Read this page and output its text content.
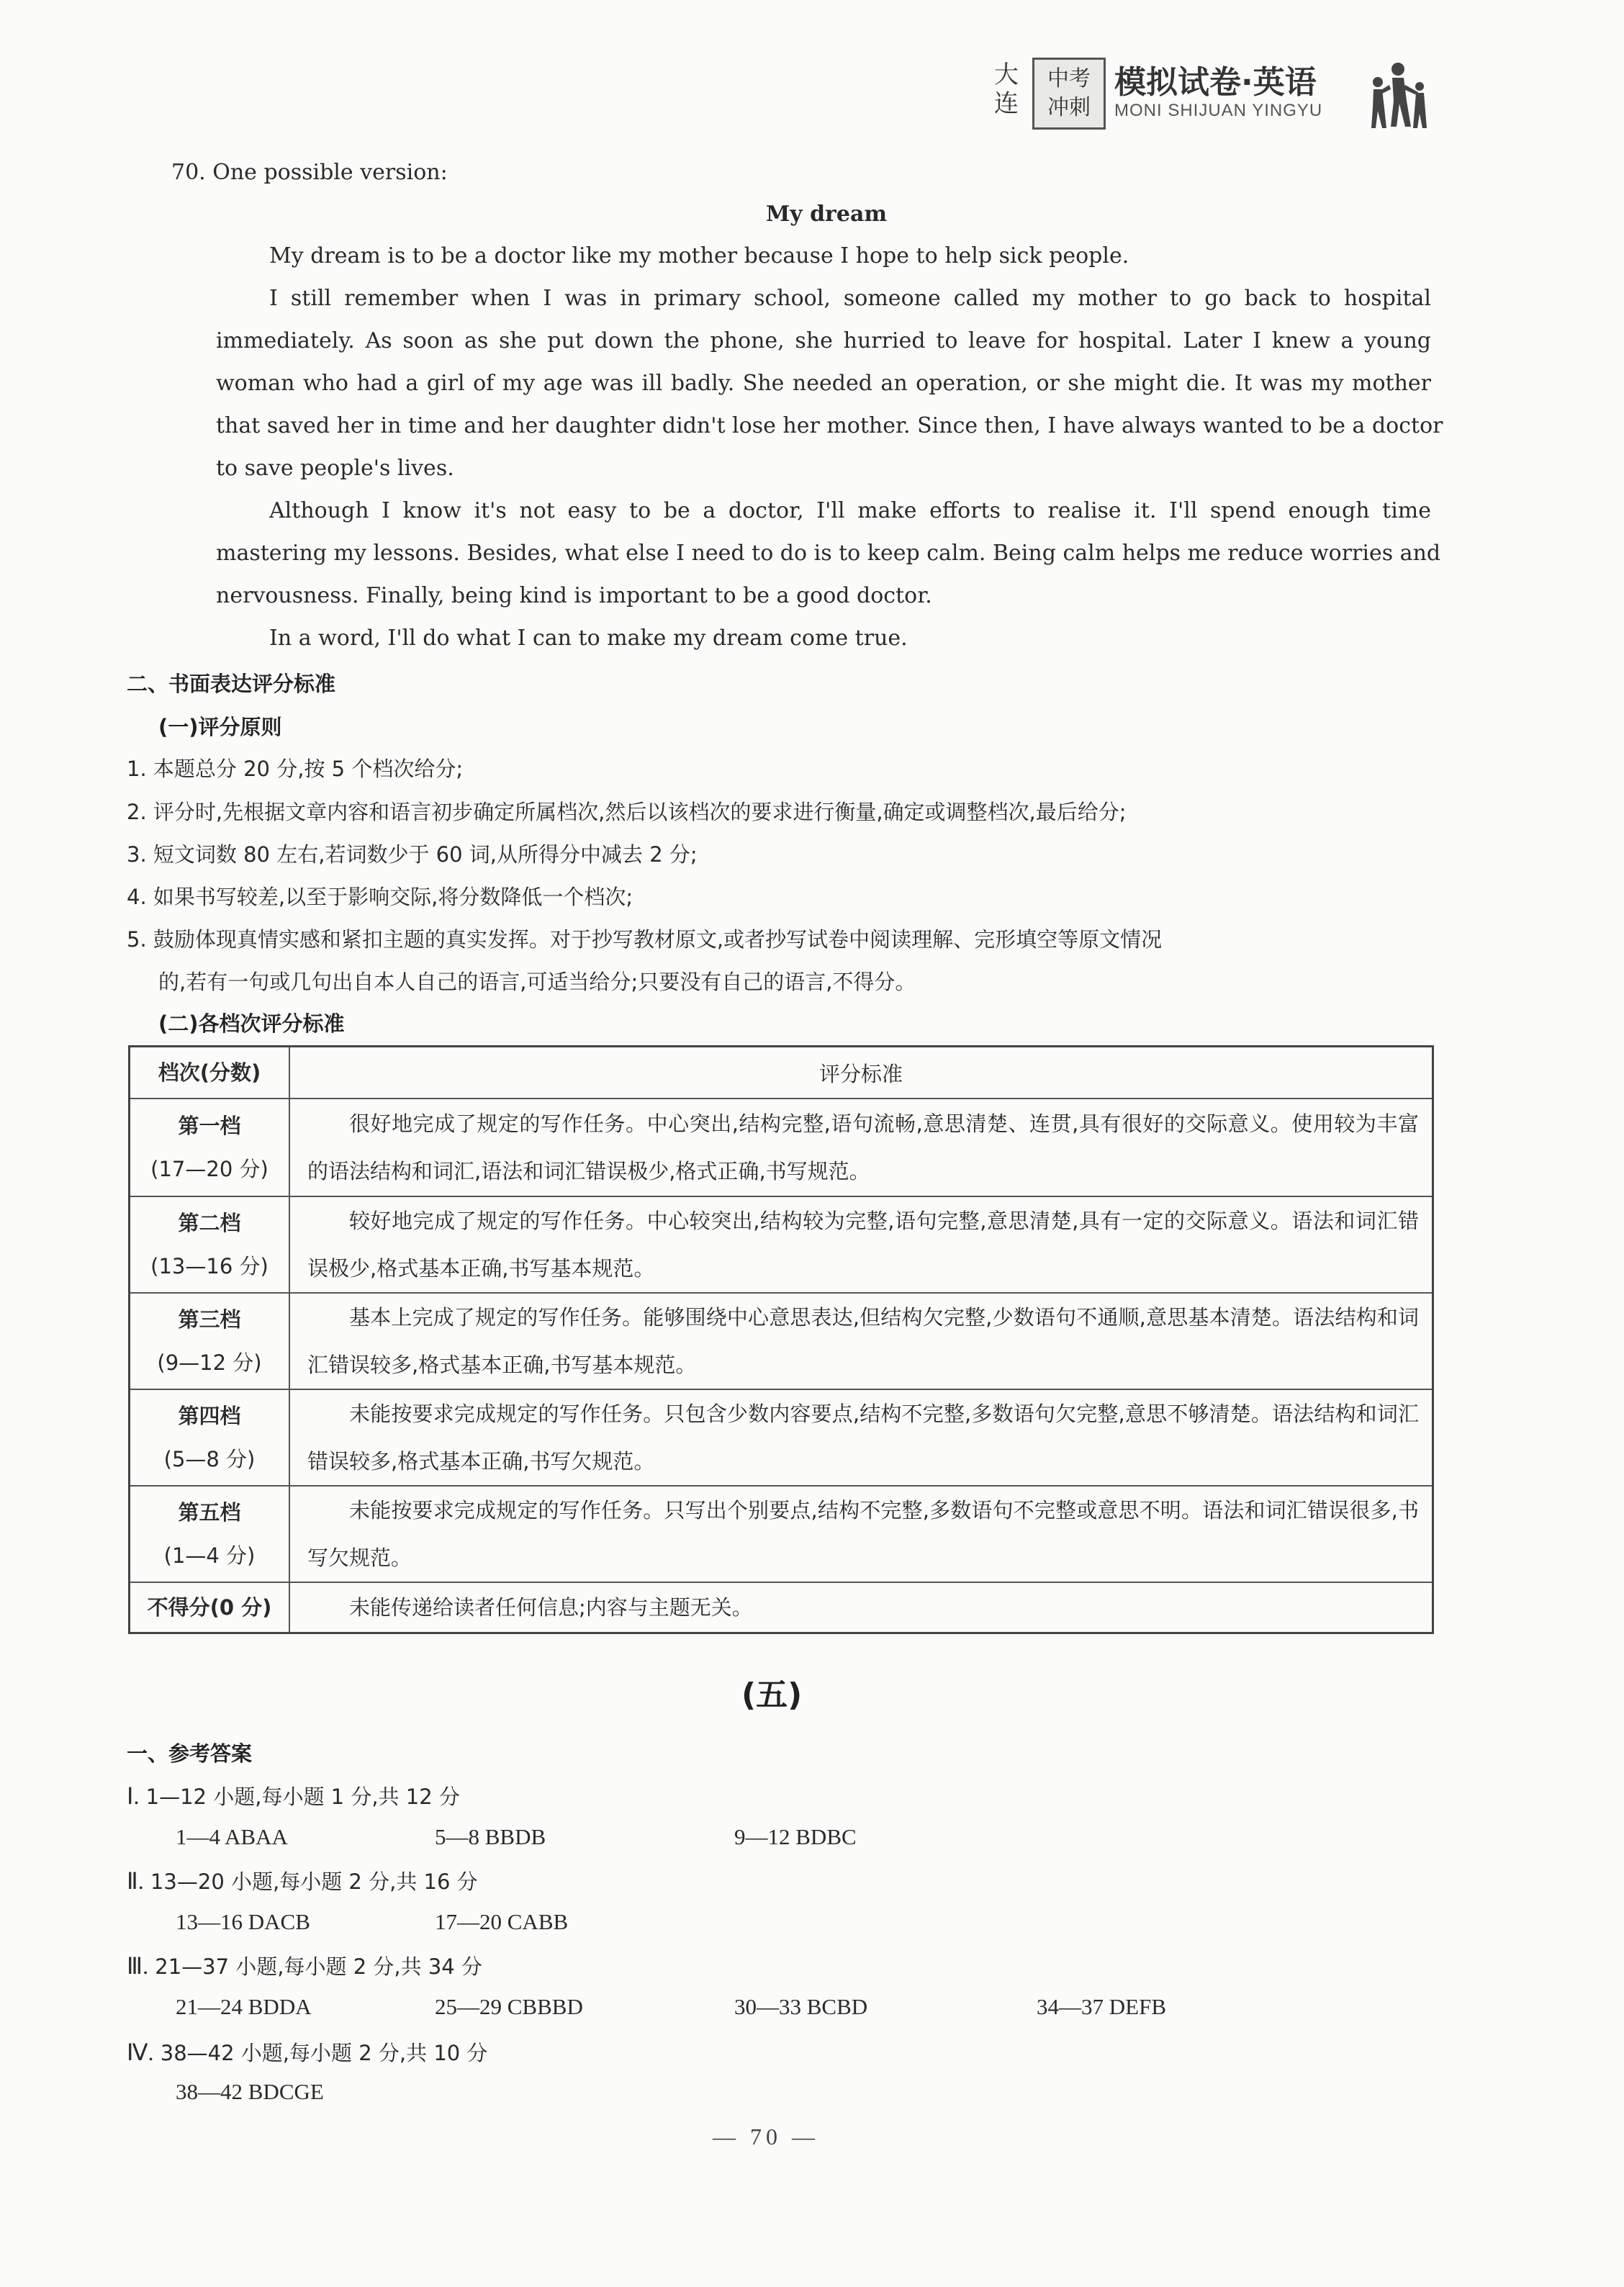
大
连
中考
冲刺
模拟试卷·英语
MONI SHIJUAN YINGYU
70. One possible version:
My dream
My dream is to be a doctor like my mother because I hope to help sick people.
I still remember when I was in primary school, someone called my mother to go back to hospital
immediately. As soon as she put down the phone, she hurried to leave for hospital. Later I knew a young
woman who had a girl of my age was ill badly. She needed an operation, or she might die. It was my mother
that saved her in time and her daughter didn't lose her mother. Since then, I have always wanted to be a doctor
to save people's lives.
Although I know it's not easy to be a doctor, I'll make efforts to realise it. I'll spend enough time
mastering my lessons. Besides, what else I need to do is to keep calm. Being calm helps me reduce worries and
nervousness. Finally, being kind is important to be a good doctor.
In a word, I'll do what I can to make my dream come true.
二、书面表达评分标准
(一)评分原则
1. 本题总分 20 分,按 5 个档次给分;
2. 评分时,先根据文章内容和语言初步确定所属档次,然后以该档次的要求进行衡量,确定或调整档次,最后给分;
3. 短文词数 80 左右,若词数少于 60 词,从所得分中减去 2 分;
4. 如果书写较差,以至于影响交际,将分数降低一个档次;
5. 鼓励体现真情实感和紧扣主题的真实发挥。对于抄写教材原文,或者抄写试卷中阅读理解、完形填空等原文情况
的,若有一句或几句出自本人自己的语言,可适当给分;只要没有自己的语言,不得分。
(二)各档次评分标准
档次(分数)	评分标准

第一档
(17—20 分)	很好地完成了规定的写作任务。中心突出,结构完整,语句流畅,意思清楚、连贯,具有很好的交际意义。使用较为丰富的语法结构和词汇,语法和词汇错误极少,格式正确,书写规范。

第二档
(13—16 分)	较好地完成了规定的写作任务。中心较突出,结构较为完整,语句完整,意思清楚,具有一定的交际意义。语法和词汇错误极少,格式基本正确,书写基本规范。

第三档
(9—12 分)	基本上完成了规定的写作任务。能够围绕中心意思表达,但结构欠完整,少数语句不通顺,意思基本清楚。语法结构和词汇错误较多,格式基本正确,书写基本规范。

第四档
(5—8 分)	未能按要求完成规定的写作任务。只包含少数内容要点,结构不完整,多数语句欠完整,意思不够清楚。语法结构和词汇错误较多,格式基本正确,书写欠规范。

第五档
(1—4 分)	未能按要求完成规定的写作任务。只写出个别要点,结构不完整,多数语句不完整或意思不明。语法和词汇错误很多,书写欠规范。

不得分(0 分)	未能传递给读者任何信息;内容与主题无关。
(五)
一、参考答案
Ⅰ. 1—12 小题,每小题 1 分,共 12 分
1—4 ABAA	5—8 BBDB	9—12 BDBC
Ⅱ. 13—20 小题,每小题 2 分,共 16 分
13—16 DACB	17—20 CABB
Ⅲ. 21—37 小题,每小题 2 分,共 34 分
21—24 BDDA	25—29 CBBBD	30—33 BCBD	34—37 DEFB
Ⅳ. 38—42 小题,每小题 2 分,共 10 分
38—42 BDCGE
— 70 —
